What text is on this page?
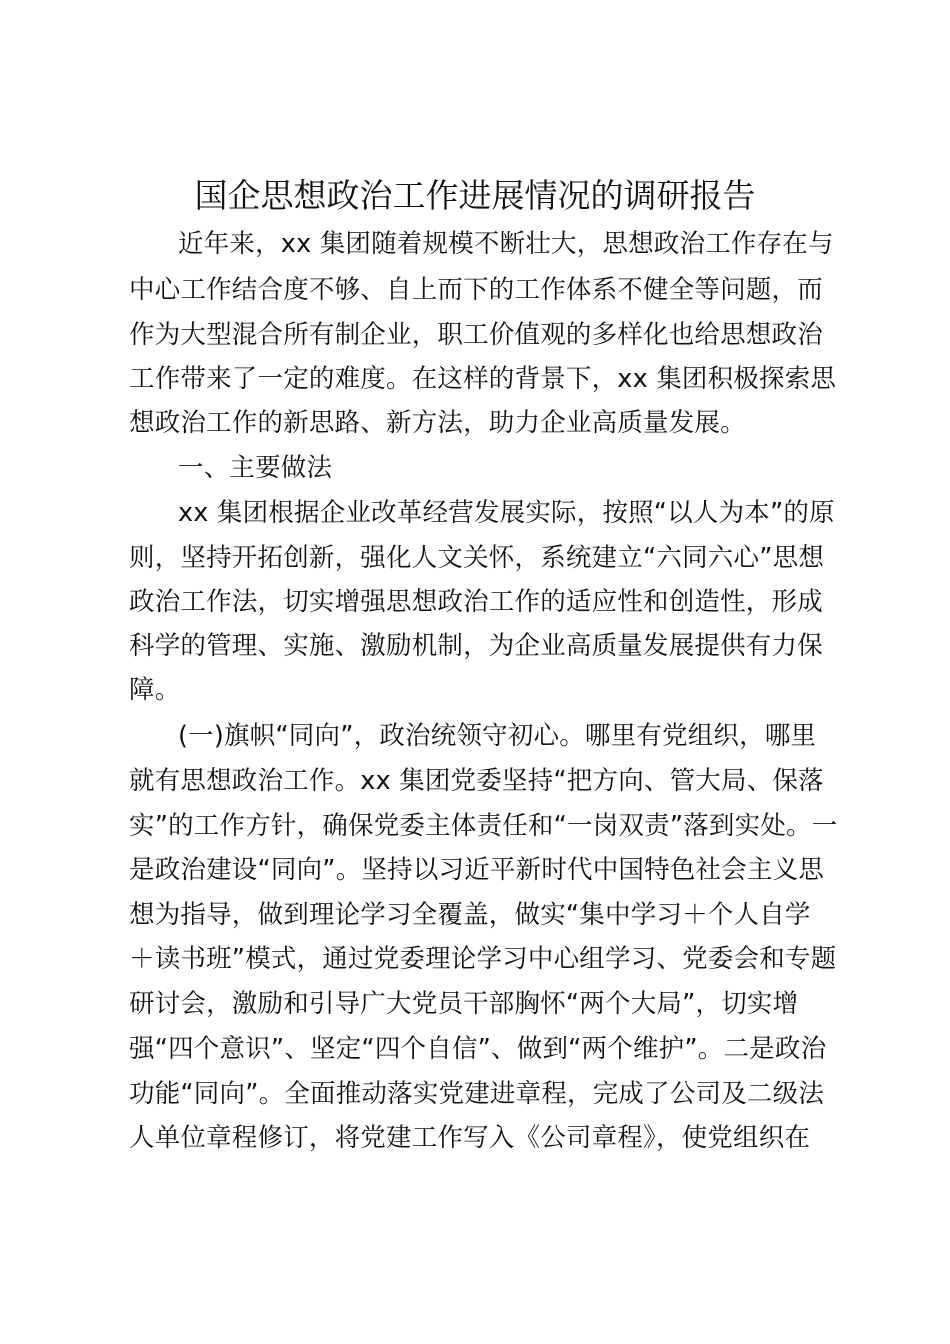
国企思想政治工作进展情况的调研报告
近年来，xx 集团随着规模不断壮大，思想政治工作存在与
中心工作结合度不够、自上而下的工作体系不健全等问题，而
作为大型混合所有制企业，职工价值观的多样化也给思想政治
工作带来了一定的难度。在这样的背景下，xx 集团积极探索思
想政治工作的新思路、新方法，助力企业高质量发展。
一、主要做法
xx 集团根据企业改革经营发展实际，按照“以人为本”的原
则，坚持开拓创新，强化人文关怀，系统建立“六同六心”思想
政治工作法，切实增强思想政治工作的适应性和创造性，形成
科学的管理、实施、激励机制，为企业高质量发展提供有力保
障。
(一)旗帜“同向”，政治统领守初心。哪里有党组织，哪里
就有思想政治工作。xx 集团党委坚持“把方向、管大局、保落
实”的工作方针，确保党委主体责任和“一岗双责”落到实处。一
是政治建设“同向”。坚持以习近平新时代中国特色社会主义思
想为指导，做到理论学习全覆盖，做实“集中学习＋个人自学
＋读书班”模式，通过党委理论学习中心组学习、党委会和专题
研讨会，激励和引导广大党员干部胸怀“两个大局”，切实增
强“四个意识”、坚定“四个自信”、做到“两个维护”。二是政治
功能“同向”。全面推动落实党建进章程，完成了公司及二级法
人单位章程修订，将党建工作写入《公司章程》，使党组织在
